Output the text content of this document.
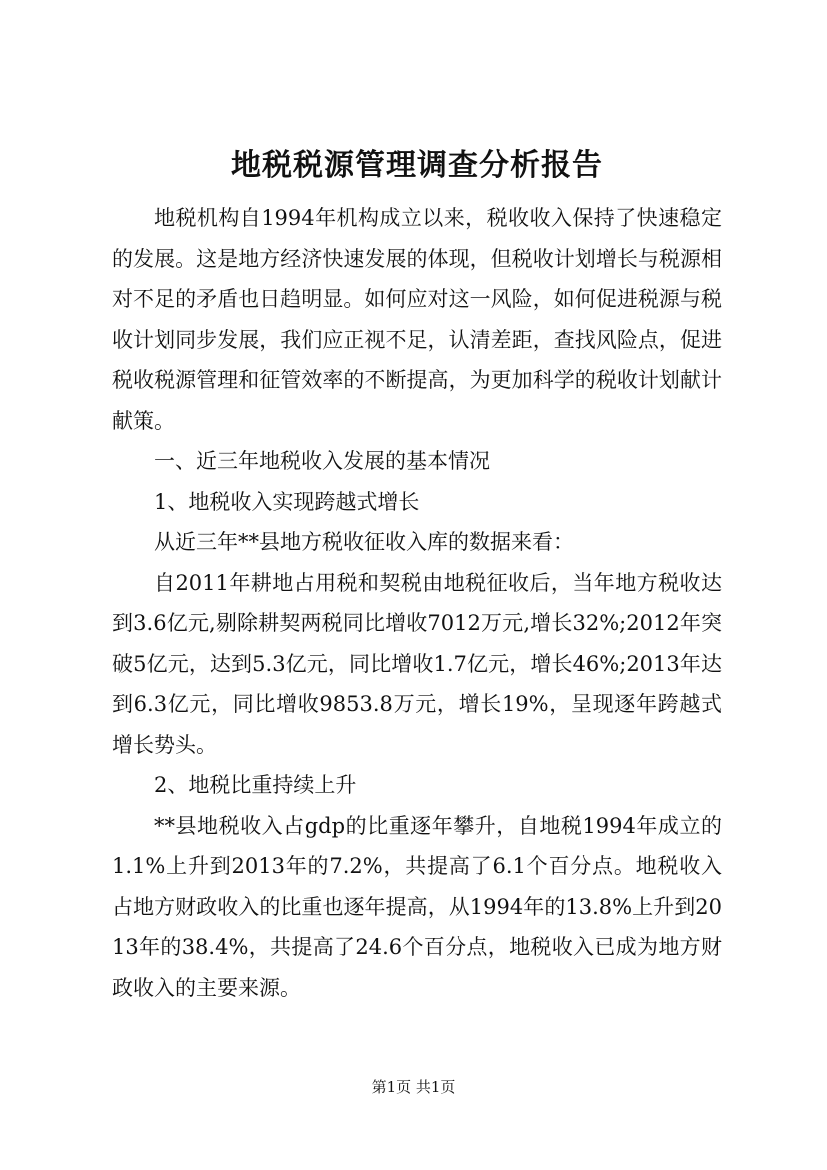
地税税源管理调查分析报告

地税机构自1994年机构成立以来，税收收入保持了快速稳定的发展。这是地方经济快速发展的体现，但税收计划增长与税源相对不足的矛盾也日趋明显。如何应对这一风险，如何促进税源与税收计划同步发展，我们应正视不足，认清差距，查找风险点，促进税收税源管理和征管效率的不断提高，为更加科学的税收计划献计献策。

一、近三年地税收入发展的基本情况

1、地税收入实现跨越式增长

从近三年**县地方税收征收入库的数据来看：

自2011年耕地占用税和契税由地税征收后，当年地方税收达到3.6亿元,剔除耕契两税同比增收7012万元,增长32%;2012年突破5亿元，达到5.3亿元，同比增收1.7亿元，增长46%;2013年达到6.3亿元，同比增收9853.8万元，增长19%，呈现逐年跨越式增长势头。

2、地税比重持续上升

**县地税收入占gdp的比重逐年攀升，自地税1994年成立的1.1%上升到2013年的7.2%，共提高了6.1个百分点。地税收入占地方财政收入的比重也逐年提高，从1994年的13.8%上升到2013年的38.4%，共提高了24.6个百分点，地税收入已成为地方财政收入的主要来源。

第1页 共1页
